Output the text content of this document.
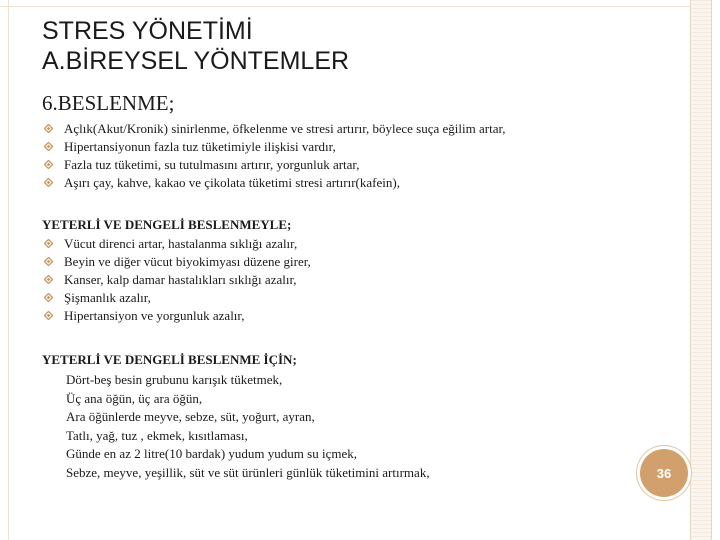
STRES YÖNETİMİ
A.BİREYSEL YÖNTEMLER
6.BESLENME;
Açlık(Akut/Kronik) sinirlenme, öfkelenme ve stresi artırır, böylece suça eğilim artar,
Hipertansiyonun fazla tuz tüketimiyle ilişkisi vardır,
Fazla tuz tüketimi, su tutulmasını artırır, yorgunluk artar,
Aşırı çay, kahve, kakao ve çikolata tüketimi stresi artırır(kafein),
YETERLİ VE DENGELİ BESLENMEYLE;
Vücut direnci artar, hastalanma sıklığı azalır,
Beyin ve diğer vücut biyokimyası düzene girer,
Kanser, kalp damar hastalıkları sıklığı azalır,
Şişmanlık azalır,
Hipertansiyon ve yorgunluk azalır,
YETERLİ VE DENGELİ BESLENME İÇİN;
Dört-beş besin grubunu karışık tüketmek,
Üç ana öğün, üç ara öğün,
Ara öğünlerde meyve, sebze, süt, yoğurt, ayran,
Tatlı, yağ, tuz , ekmek, kısıtlaması,
Günde en az 2 litre(10 bardak) yudum yudum su içmek,
Sebze, meyve, yeşillik, süt ve süt ürünleri günlük tüketimini artırmak,	36
